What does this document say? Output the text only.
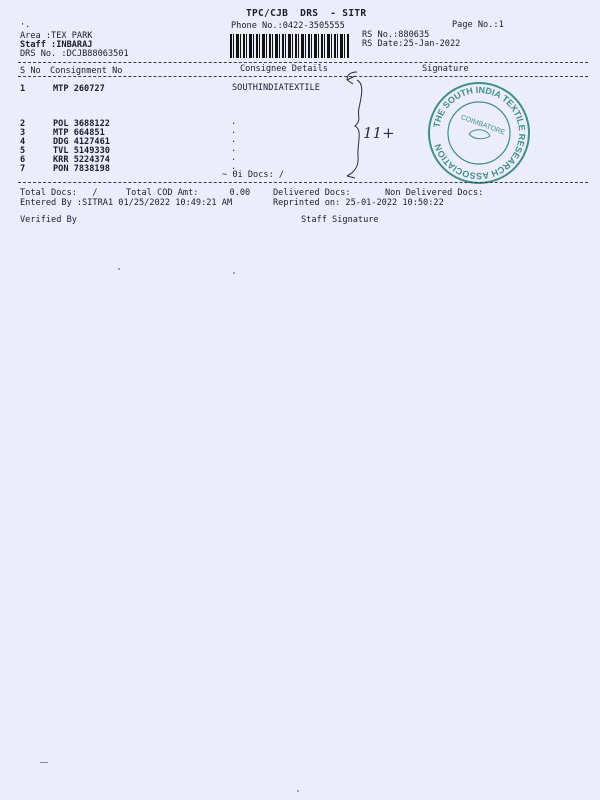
·.
TPC/CJB  DRS  - SITR
Phone No.:0422-3505555	Page No.:1
Area :TEX PARK
Staff :INBARAJ
DRS No. :DCJB88063501
RS No.:880635
RS Date:25-Jan-2022
S No Consignment No	Consignee Details	Signature
1	MTP 260727	SOUTHINDIATEXTILE
2	POL 3688122	.
3	MTP 664851	.
4	DDG 4127461	.
5	TVL 5149330	.
6	KRR 5224374	.
7	PON 7838198	.
~ 0i Docs: /
11+	THE SOUTH INDIA TEXTILE RESEARCH ASSOCIATION
COIMBATORE
Total Docs:   /	Total COD Amt:      0.00	Delivered Docs:	Non Delivered Docs:
Entered By :SITRA1 01/25/2022 10:49:21 AM	Reprinted on: 25-01-2022 10:50:22
Verified By	Staff Signature
